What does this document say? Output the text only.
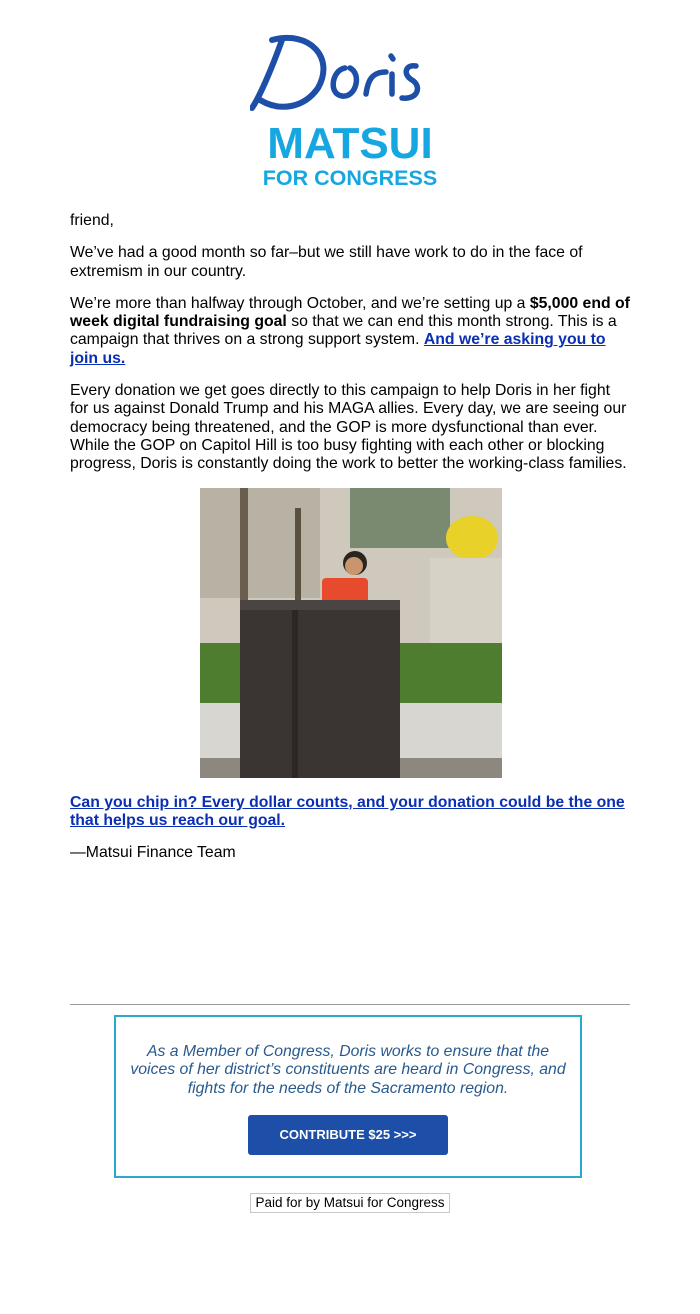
MATSUI
FOR CONGRESS

friend,

We’ve had a good month so far–but we still have work to do in the face of extremism in our country.

We’re more than halfway through October, and we’re setting up a $5,000 end of week digital fundraising goal so that we can end this month strong. This is a campaign that thrives on a strong support system. And we’re asking you to join us.

Every donation we get goes directly to this campaign to help Doris in her fight for us against Donald Trump and his MAGA allies. Every day, we are seeing our democracy being threatened, and the GOP is more dysfunctional than ever. While the GOP on Capitol Hill is too busy fighting with each other or blocking progress, Doris is constantly doing the work to better the working-class families.

Can you chip in? Every dollar counts, and your donation could be the one that helps us reach our goal.

—Matsui Finance Team

As a Member of Congress, Doris works to ensure that the voices of her district’s constituents are heard in Congress, and fights for the needs of the Sacramento region.
CONTRIBUTE $25 >>>
Paid for by Matsui for Congress
